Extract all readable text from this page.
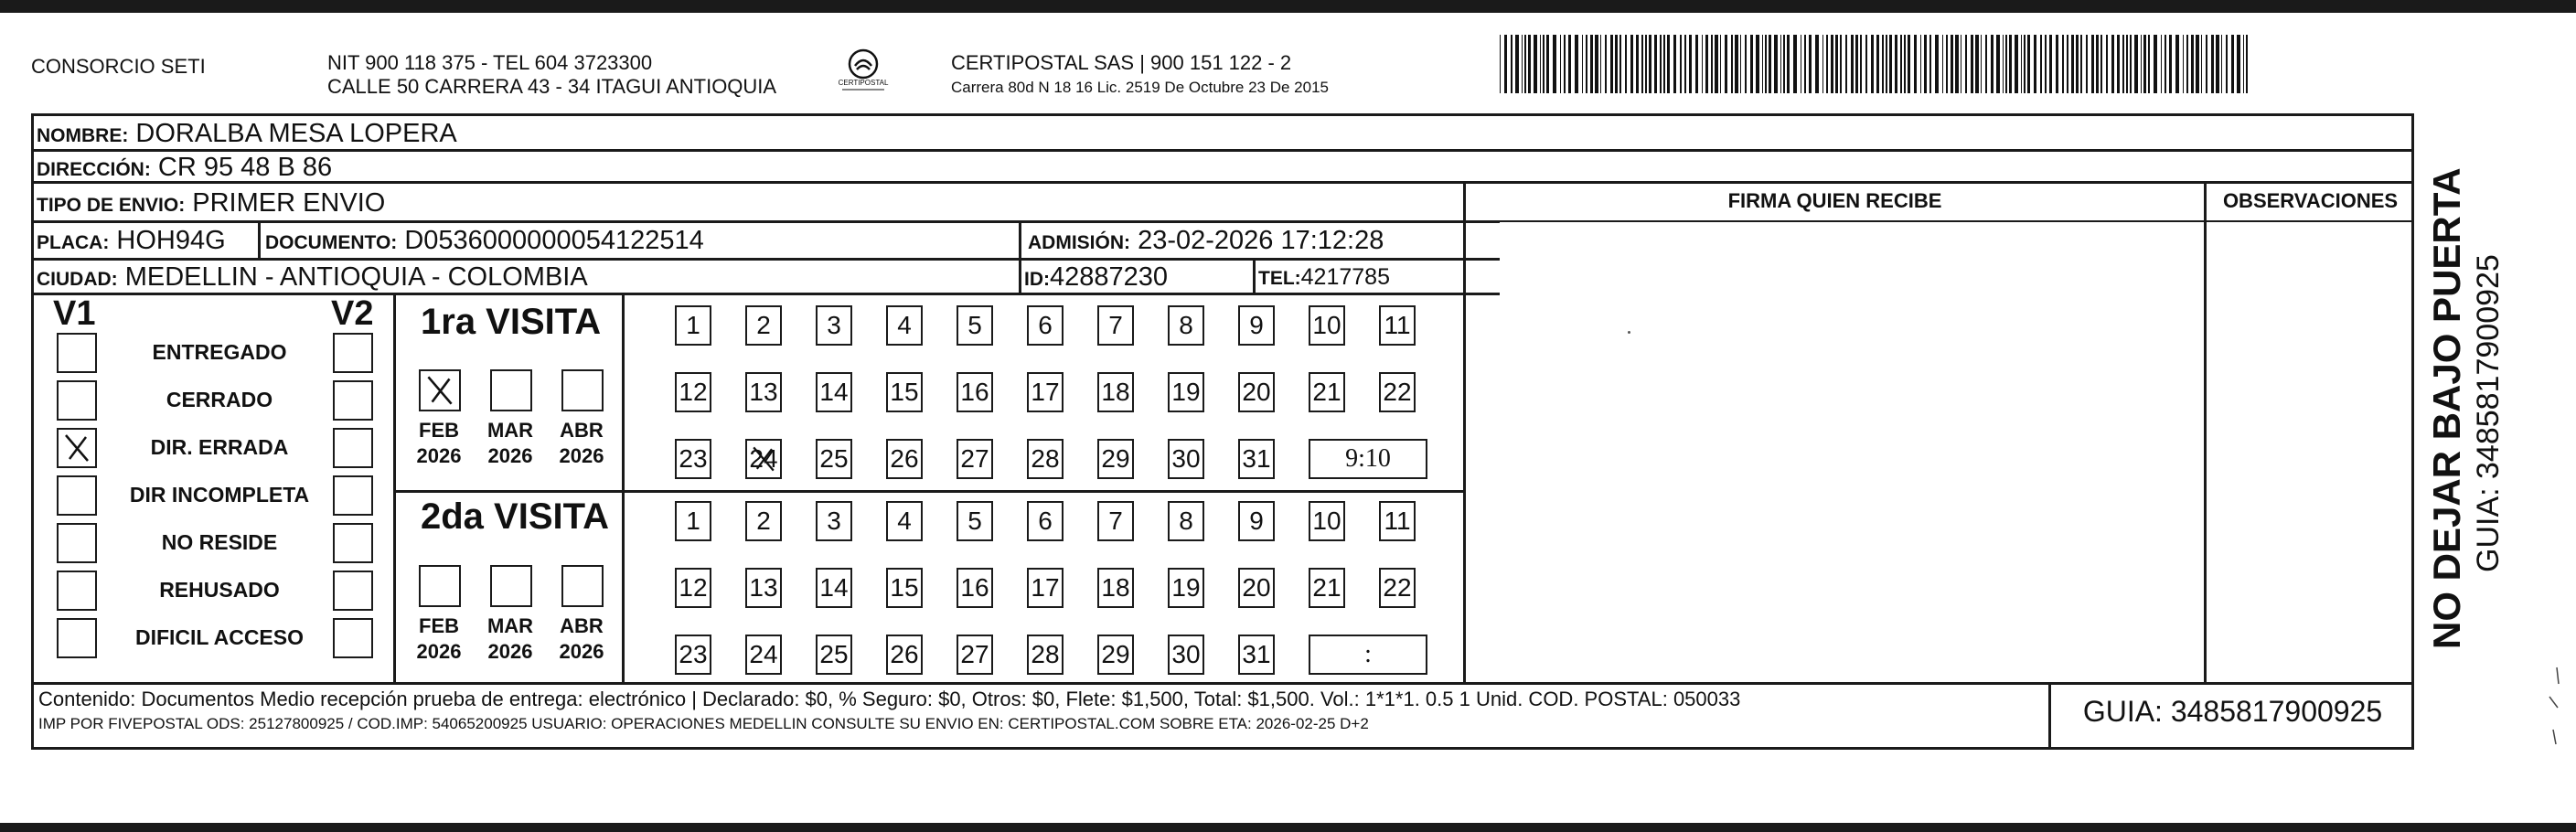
CONSORCIO SETI	NIT 900 118 375 - TEL 604 3723300
CALLE 50 CARRERA 43 - 34 ITAGUI ANTIOQUIA	CERTIPOSTAL
CERTIPOSTAL SAS | 900 151 122 - 2
Carrera 80d N 18 16 Lic. 2519 De Octubre 23 De 2015
NOMBRE: DORALBA MESA LOPERA
DIRECCIÓN: CR 95 48 B 86
TIPO DE ENVIO: PRIMER ENVIO
PLACA: HOH94G DOCUMENTO: D0536000000054122514	ADMISIÓN: 23-02-2026 17:12:28
CIUDAD: MEDELLIN - ANTIOQUIA - COLOMBIA	ID:42887230	TEL:4217785
FIRMA QUIEN RECIBE	OBSERVACIONES
V1	V2
ENTREGADO
CERRADO
DIR. ERRADA
DIR INCOMPLETA
NO RESIDE
REHUSADO
DIFICIL ACCESO
1ra VISITA
FEB
2026
MAR
2026
ABR
2026
1	2	3	4	5	6	7	8	9	10 11
12 13 14 15 16 17 18 19 20 21 22
23 24 25 26 27 28 29 30 31	9:10
2da VISITA
FEB
2026
MAR
2026
ABR
2026
1	2	3	4	5	6	7	8	9	10 11
12 13 14 15 16 17 18 19 20 21 22
23 24 25 26 27 28 29 30 31	:
Contenido: Documentos Medio recepción prueba de entrega: electrónico | Declarado: $0, % Seguro: $0, Otros: $0, Flete: $1,500, Total: $1,500. Vol.: 1*1*1. 0.5 1 Unid. COD. POSTAL: 050033
IMP POR FIVEPOSTAL ODS: 25127800925 / COD.IMP: 54065200925 USUARIO: OPERACIONES MEDELLIN CONSULTE SU ENVIO EN: CERTIPOSTAL.COM SOBRE ETA: 2026-02-25 D+2	GUIA: 3485817900925
NO DEJAR BAJO PUERTA GUIA: 3485817900925
